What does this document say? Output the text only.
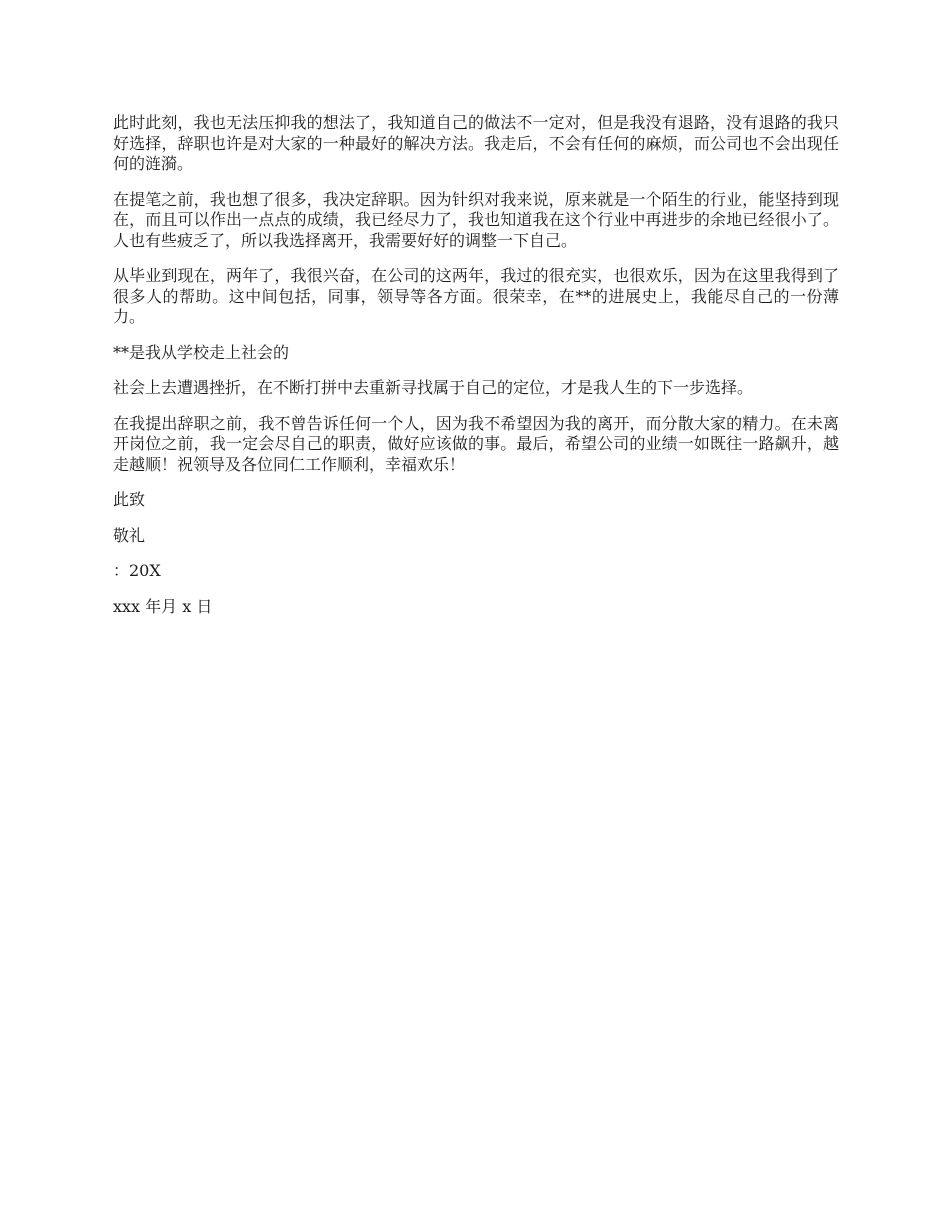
此时此刻，我也无法压抑我的想法了，我知道自己的做法不一定对，但是我没有退路，没有退路的我只好选择，辞职也许是对大家的一种最好的解决方法。我走后，不会有任何的麻烦，而公司也不会出现任何的涟漪。

在提笔之前，我也想了很多，我决定辞职。因为针织对我来说，原来就是一个陌生的行业，能坚持到现在，而且可以作出一点点的成绩，我已经尽力了，我也知道我在这个行业中再进步的余地已经很小了。人也有些疲乏了，所以我选择离开，我需要好好的调整一下自己。

从毕业到现在，两年了，我很兴奋，在公司的这两年，我过的很充实，也很欢乐，因为在这里我得到了很多人的帮助。这中间包括，同事，领导等各方面。很荣幸，在**的进展史上，我能尽自己的一份薄力。

**是我从学校走上社会的

社会上去遭遇挫折，在不断打拼中去重新寻找属于自己的定位，才是我人生的下一步选择。

在我提出辞职之前，我不曾告诉任何一个人，因为我不希望因为我的离开，而分散大家的精力。在未离开岗位之前，我一定会尽自己的职责，做好应该做的事。最后，希望公司的业绩一如既往一路飙升，越走越顺！祝领导及各位同仁工作顺利，幸福欢乐！

此致

敬礼

：20X

xxx 年月 x 日
